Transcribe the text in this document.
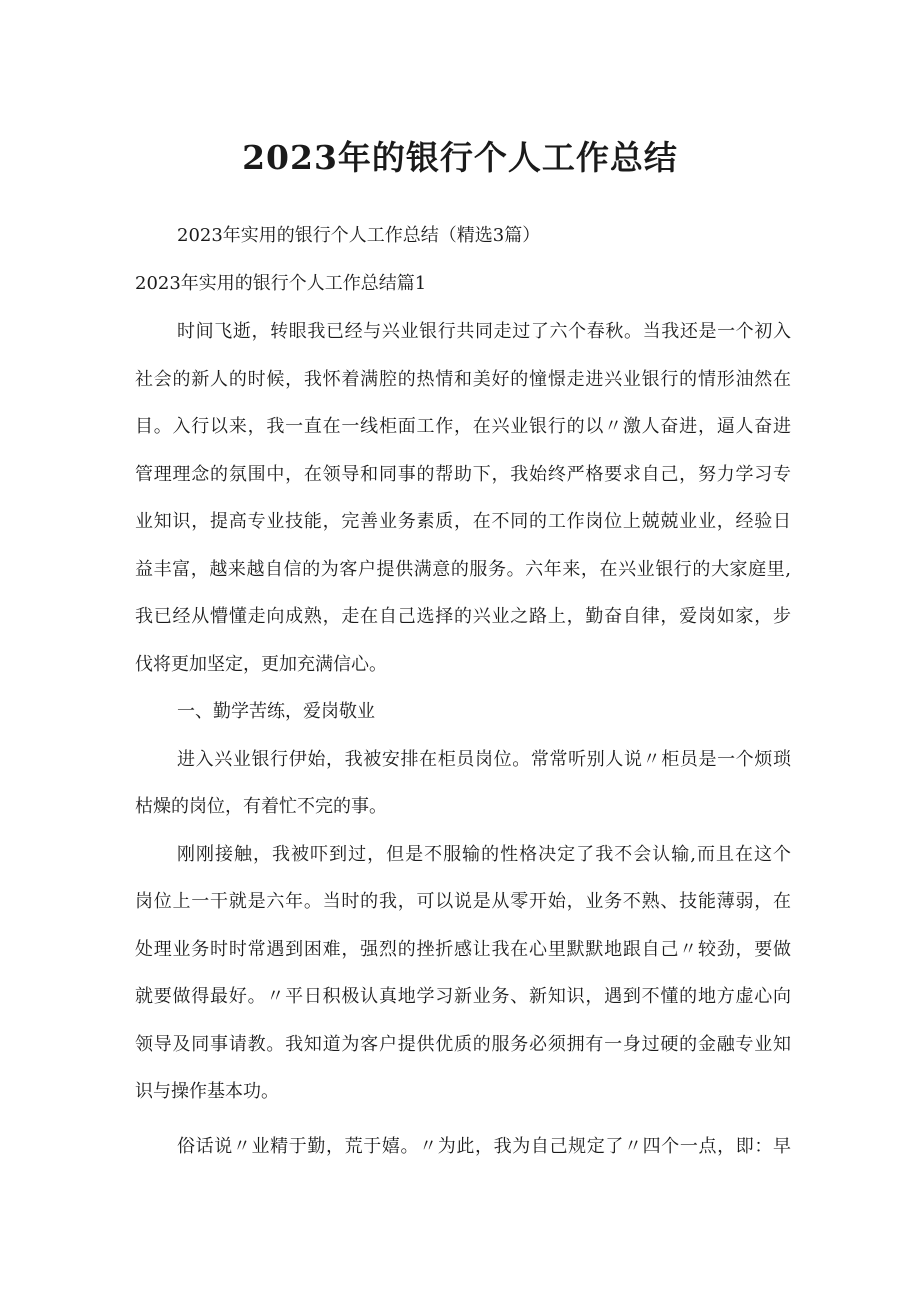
2023年的银行个人工作总结

2023年实用的银行个人工作总结（精选3篇）

2023年实用的银行个人工作总结篇1

时间飞逝，转眼我已经与兴业银行共同走过了六个春秋。当我还是一个初入

社会的新人的时候，我怀着满腔的热情和美好的憧憬走进兴业银行的情形油然在

目。入行以来，我一直在一线柜面工作，在兴业银行的以〃激人奋进，逼人奋进

管理理念的氛围中，在领导和同事的帮助下，我始终严格要求自己，努力学习专

业知识，提高专业技能，完善业务素质，在不同的工作岗位上兢兢业业，经验日

益丰富，越来越自信的为客户提供满意的服务。六年来，在兴业银行的大家庭里,

我已经从懵懂走向成熟，走在自己选择的兴业之路上，勤奋自律，爱岗如家，步

伐将更加坚定，更加充满信心。

一、勤学苦练，爱岗敬业

进入兴业银行伊始，我被安排在柜员岗位。常常听别人说〃柜员是一个烦琐

枯燥的岗位，有着忙不完的事。

刚刚接触，我被吓到过，但是不服输的性格决定了我不会认输,而且在这个

岗位上一干就是六年。当时的我，可以说是从零开始，业务不熟、技能薄弱，在

处理业务时时常遇到困难，强烈的挫折感让我在心里默默地跟自己〃较劲，要做

就要做得最好。〃平日积极认真地学习新业务、新知识，遇到不懂的地方虚心向

领导及同事请教。我知道为客户提供优质的服务必须拥有一身过硬的金融专业知

识与操作基本功。

俗话说〃业精于勤，荒于嬉。〃为此，我为自己规定了〃四个一点，即：早
